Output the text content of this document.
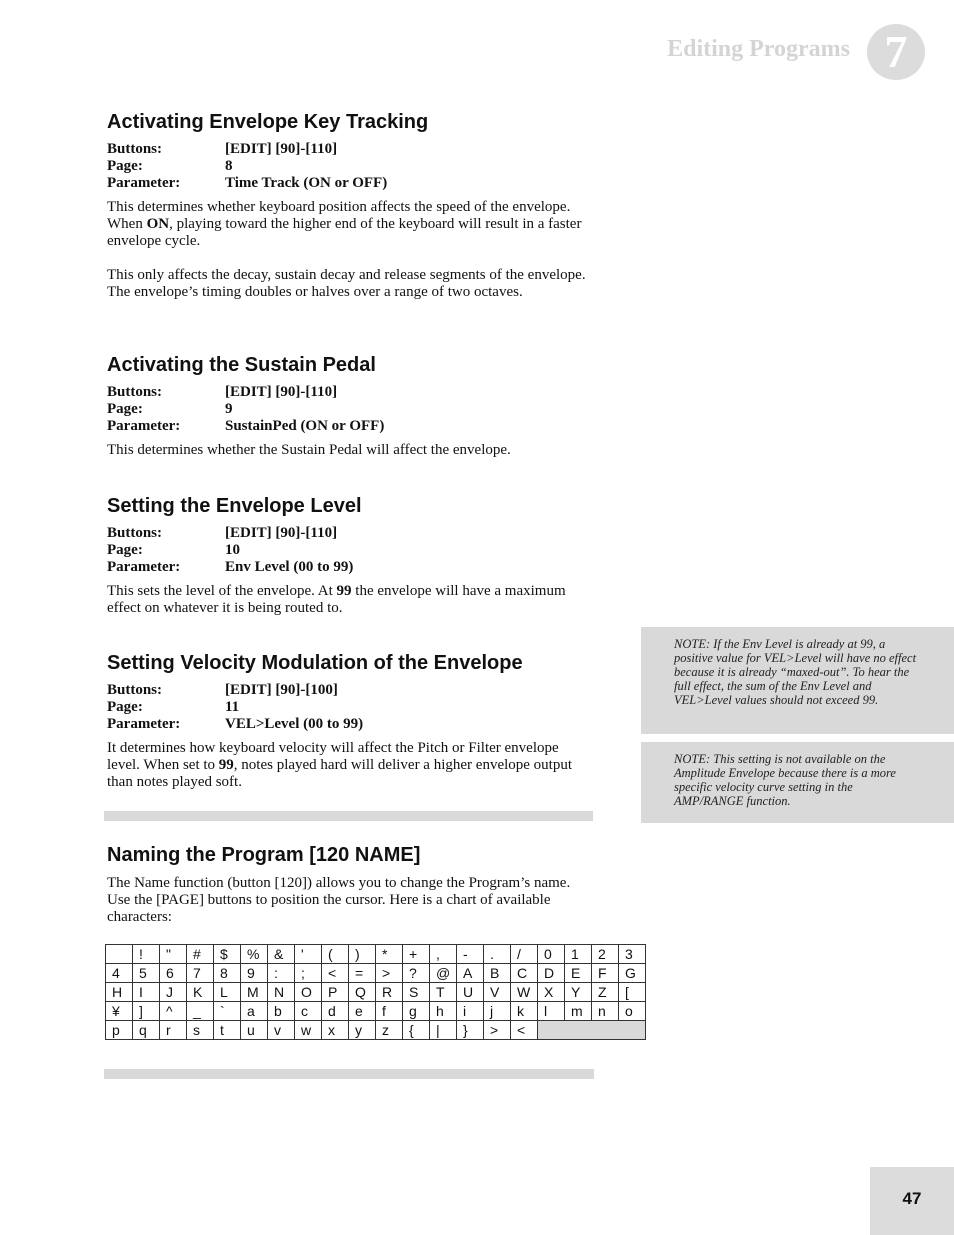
Editing Programs 7
Activating Envelope Key Tracking
Buttons:	[EDIT] [90]-[110]
Page:	8
Parameter:	Time Track (ON or OFF)

This determines whether keyboard position affects the speed of the envelope. When ON, playing toward the higher end of the keyboard will result in a faster envelope cycle.

This only affects the decay, sustain decay and release segments of the envelope. The envelope’s timing doubles or halves over a range of two octaves.

Activating the Sustain Pedal
Buttons:	[EDIT] [90]-[110]
Page:	9
Parameter:	SustainPed (ON or OFF)

This determines whether the Sustain Pedal will affect the envelope.

Setting the Envelope Level
Buttons:	[EDIT] [90]-[110]
Page:	10
Parameter:	Env Level (00 to 99)

This sets the level of the envelope. At 99 the envelope will have a maximum effect on whatever it is being routed to.

Setting Velocity Modulation of the Envelope
Buttons:	[EDIT] [90]-[100]
Page:	11
Parameter:	VEL>Level (00 to 99)

It determines how keyboard velocity will affect the Pitch or Filter envelope level. When set to 99, notes played hard will deliver a higher envelope output than notes played soft.

Naming the Program [120 NAME]

The Name function (button [120]) allows you to change the Program’s name. Use the [PAGE] buttons to position the cursor. Here is a chart of available characters:

	!	"	#	$	%	&	'	(	)	*	+	,	-	.	/	0	1	2	3
4	5	6	7	8	9	:	;	<	=	>	?	@	A	B	C	D	E	F	G
H	I	J	K	L	M	N	O	P	Q	R	S	T	U	V	W	X	Y	Z	[
¥	]	^	_	`	a	b	c	d	e	f	g	h	i	j	k	l	m	n	o
p	q	r	s	t	u	v	w	x	y	z	{	|	}	>	<				
NOTE: If the Env Level is already at 99, a positive value for VEL>Level will have no effect because it is already “maxed-out”. To hear the full effect, the sum of the Env Level and VEL>Level values should not exceed 99.
NOTE: This setting is not available on the Amplitude Envelope because there is a more specific velocity curve setting in the AMP/RANGE function.
47
